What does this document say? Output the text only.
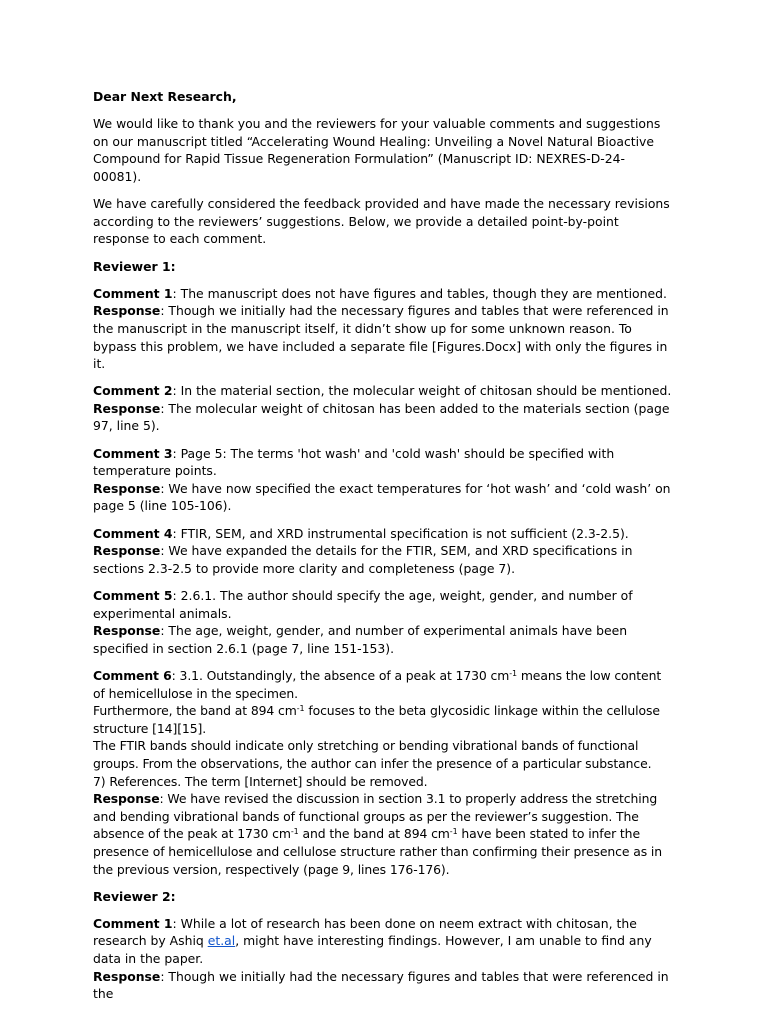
Dear Next Research,

We would like to thank you and the reviewers for your valuable comments and suggestions on our manuscript titled “Accelerating Wound Healing: Unveiling a Novel Natural Bioactive Compound for Rapid Tissue Regeneration Formulation” (Manuscript ID: NEXRES-D-24-00081).

We have carefully considered the feedback provided and have made the necessary revisions according to the reviewers’ suggestions. Below, we provide a detailed point-by-point response to each comment.

Reviewer 1:

Comment 1: The manuscript does not have figures and tables, though they are mentioned.
Response: Though we initially had the necessary figures and tables that were referenced in the manuscript in the manuscript itself, it didn’t show up for some unknown reason. To bypass this problem, we have included a separate file [Figures.Docx] with only the figures in it.

Comment 2: In the material section, the molecular weight of chitosan should be mentioned.
Response: The molecular weight of chitosan has been added to the materials section (page 97, line 5).

Comment 3: Page 5: The terms 'hot wash' and 'cold wash' should be specified with temperature points.
Response: We have now specified the exact temperatures for ‘hot wash’ and ‘cold wash’ on page 5 (line 105-106).

Comment 4: FTIR, SEM, and XRD instrumental specification is not sufficient (2.3-2.5).
Response: We have expanded the details for the FTIR, SEM, and XRD specifications in sections 2.3-2.5 to provide more clarity and completeness (page 7).

Comment 5: 2.6.1. The author should specify the age, weight, gender, and number of experimental animals.
Response: The age, weight, gender, and number of experimental animals have been specified in section 2.6.1 (page 7, line 151-153).

Comment 6: 3.1. Outstandingly, the absence of a peak at 1730 $cm^{-1}$ means the low content of hemicellulose in the specimen.
Furthermore, the band at 894 $cm^{-1}$ focuses to the beta glycosidic linkage within the cellulose structure [14][15].
The FTIR bands should indicate only stretching or bending vibrational bands of functional groups. From the observations, the author can infer the presence of a particular substance.
7) References. The term [Internet] should be removed.
Response: We have revised the discussion in section 3.1 to properly address the stretching and bending vibrational bands of functional groups as per the reviewer’s suggestion. The absence of the peak at 1730 $cm^{-1}$ and the band at 894 $cm^{-1}$ have been stated to infer the presence of hemicellulose and cellulose structure rather than confirming their presence as in the previous version, respectively (page 9, lines 176-176).

Reviewer 2:

Comment 1: While a lot of research has been done on neem extract with chitosan, the research by Ashiq et.al, might have interesting findings. However, I am unable to find any data in the paper.
Response: Though we initially had the necessary figures and tables that were referenced in the
